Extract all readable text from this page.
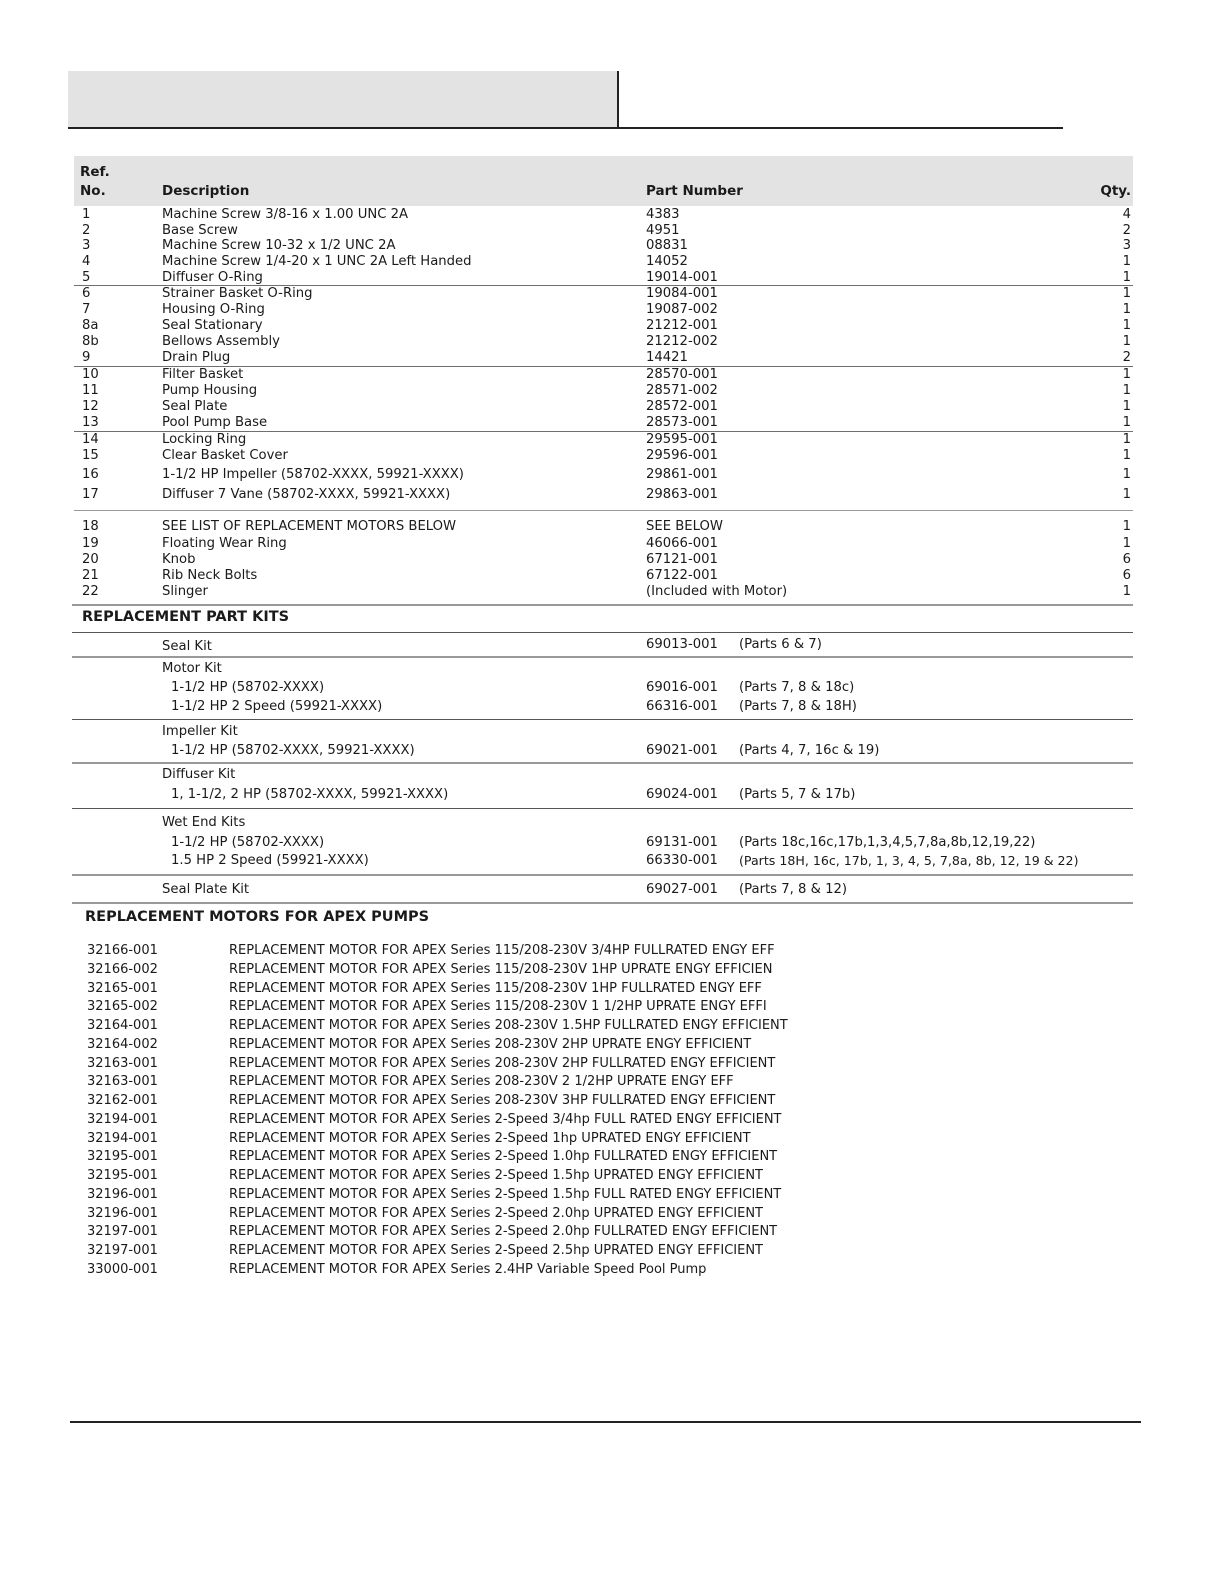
Ref.
No.	Description	Part Number	Qty.
1	Machine Screw 3/8-16 x 1.00 UNC 2A	4383	4
2	Base Screw	4951	2
3	Machine Screw 10-32 x 1/2 UNC 2A	08831	3
4	Machine Screw 1/4-20 x 1 UNC 2A Left Handed	14052	1
5	Diffuser O-Ring	19014-001	1
6	Strainer Basket O-Ring	19084-001	1
7	Housing O-Ring	19087-002	1
8a	Seal Stationary	21212-001	1
8b	Bellows Assembly	21212-002	1
9	Drain Plug	14421	2
10	Filter Basket	28570-001	1
11	Pump Housing	28571-002	1
12	Seal Plate	28572-001	1
13	Pool Pump Base	28573-001	1
14	Locking Ring	29595-001	1
15	Clear Basket Cover	29596-001	1
16	1-1/2 HP Impeller (58702-XXXX, 59921-XXXX)	29861-001	1
17	Diffuser 7 Vane (58702-XXXX, 59921-XXXX)	29863-001	1
18	SEE LIST OF REPLACEMENT MOTORS BELOW	SEE BELOW	1
19	Floating Wear Ring	46066-001	1
20	Knob	67121-001	6
21	Rib Neck Bolts	67122-001	6
22	Slinger	(Included with Motor)	1
REPLACEMENT PART KITS
Seal Kit	69013-001 (Parts 6 & 7)
Motor Kit
1-1/2 HP (58702-XXXX)	69016-001 (Parts 7, 8 & 18c)
1-1/2 HP 2 Speed (59921-XXXX)	66316-001 (Parts 7, 8 & 18H)
Impeller Kit
1-1/2 HP (58702-XXXX, 59921-XXXX)	69021-001 (Parts 4, 7, 16c & 19)
Diffuser Kit
1, 1-1/2, 2 HP (58702-XXXX, 59921-XXXX)	69024-001 (Parts 5, 7 & 17b)
Wet End Kits
1-1/2 HP (58702-XXXX)	69131-001 (Parts 18c,16c,17b,1,3,4,5,7,8a,8b,12,19,22)
1.5 HP 2 Speed (59921-XXXX)	66330-001 (Parts 18H, 16c, 17b, 1, 3, 4, 5, 7,8a, 8b, 12, 19 & 22)
Seal Plate Kit	69027-001 (Parts 7, 8 & 12)
REPLACEMENT MOTORS FOR APEX PUMPS
32166-001	REPLACEMENT MOTOR FOR APEX Series 115/208-230V 3/4HP FULLRATED ENGY EFF
32166-002	REPLACEMENT MOTOR FOR APEX Series 115/208-230V 1HP UPRATE ENGY EFFICIEN
32165-001	REPLACEMENT MOTOR FOR APEX Series 115/208-230V 1HP FULLRATED ENGY EFF
32165-002	REPLACEMENT MOTOR FOR APEX Series 115/208-230V 1 1/2HP UPRATE ENGY EFFI
32164-001	REPLACEMENT MOTOR FOR APEX Series 208-230V 1.5HP FULLRATED ENGY EFFICIENT
32164-002	REPLACEMENT MOTOR FOR APEX Series 208-230V 2HP UPRATE ENGY EFFICIENT
32163-001	REPLACEMENT MOTOR FOR APEX Series 208-230V 2HP FULLRATED ENGY EFFICIENT
32163-001	REPLACEMENT MOTOR FOR APEX Series 208-230V 2 1/2HP UPRATE ENGY EFF
32162-001	REPLACEMENT MOTOR FOR APEX Series 208-230V 3HP FULLRATED ENGY EFFICIENT
32194-001	REPLACEMENT MOTOR FOR APEX Series 2-Speed 3/4hp FULL RATED ENGY EFFICIENT
32194-001	REPLACEMENT MOTOR FOR APEX Series 2-Speed 1hp UPRATED ENGY EFFICIENT
32195-001	REPLACEMENT MOTOR FOR APEX Series 2-Speed 1.0hp FULLRATED ENGY EFFICIENT
32195-001	REPLACEMENT MOTOR FOR APEX Series 2-Speed 1.5hp UPRATED ENGY EFFICIENT
32196-001	REPLACEMENT MOTOR FOR APEX Series 2-Speed 1.5hp FULL RATED ENGY EFFICIENT
32196-001	REPLACEMENT MOTOR FOR APEX Series 2-Speed 2.0hp UPRATED ENGY EFFICIENT
32197-001	REPLACEMENT MOTOR FOR APEX Series 2-Speed 2.0hp FULLRATED ENGY EFFICIENT
32197-001	REPLACEMENT MOTOR FOR APEX Series 2-Speed 2.5hp UPRATED ENGY EFFICIENT
33000-001	REPLACEMENT MOTOR FOR APEX Series 2.4HP Variable Speed Pool Pump
